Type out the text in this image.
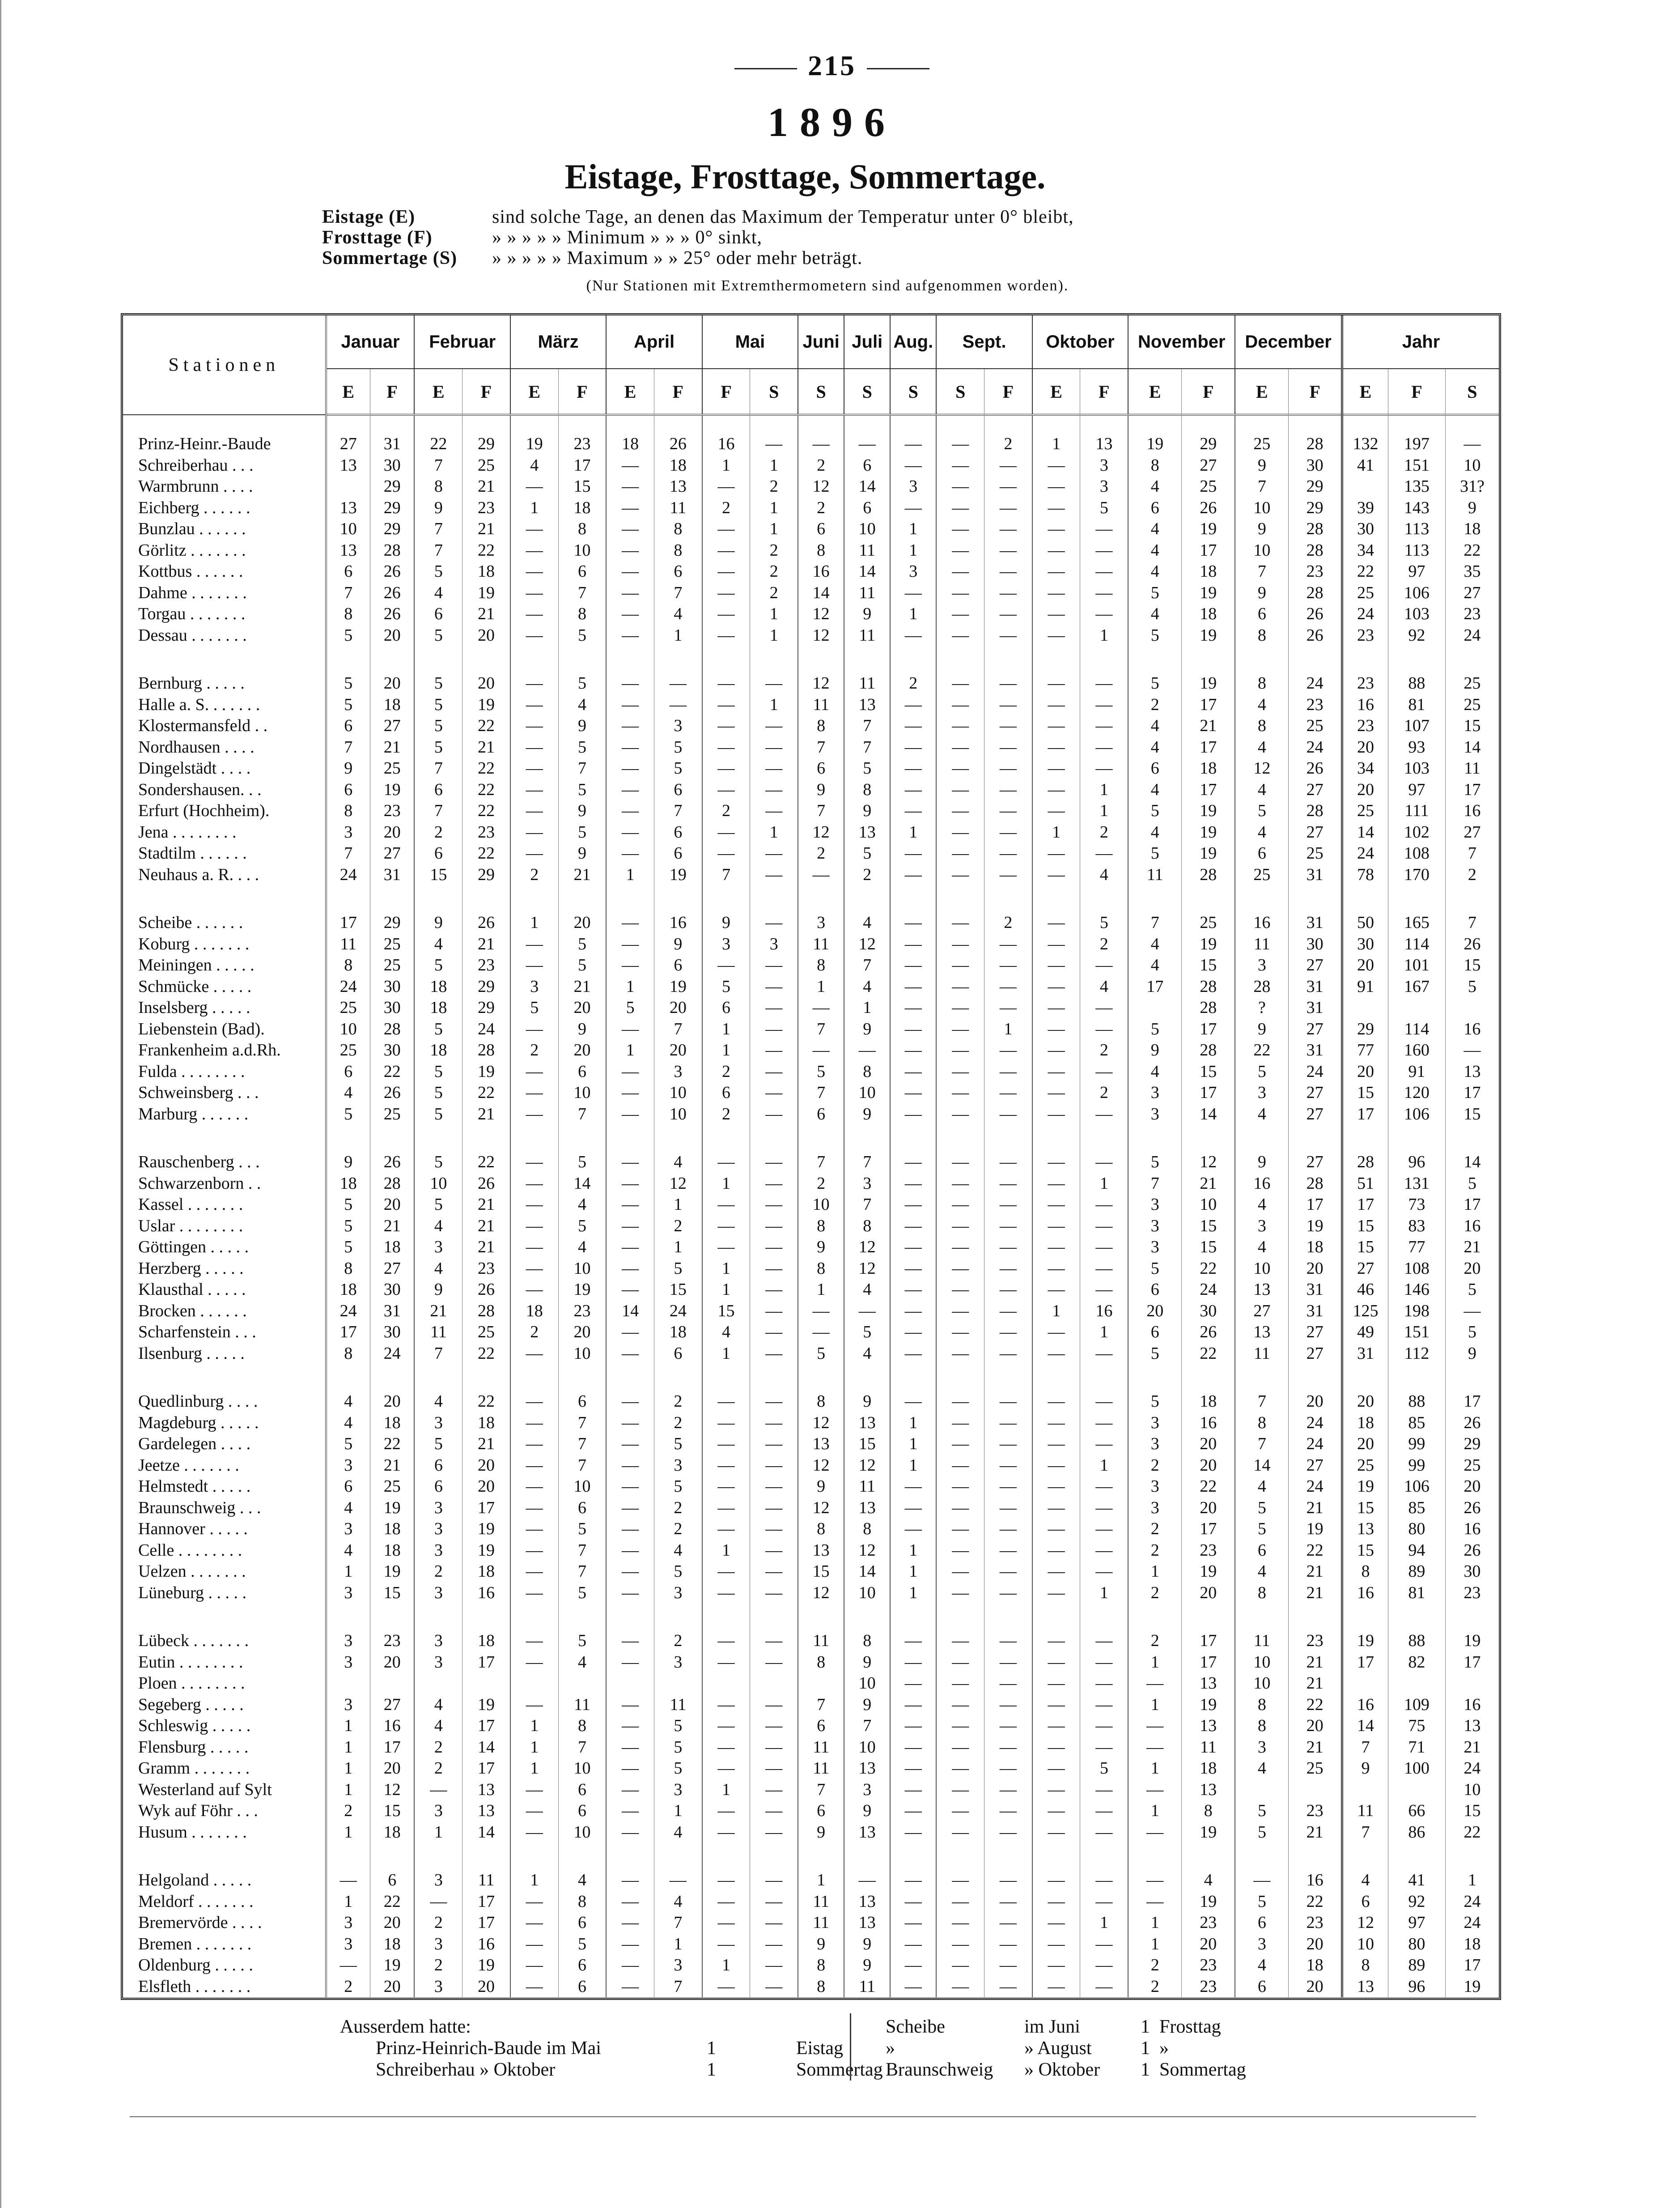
215
1896
Eistage, Frosttage, Sommertage.
Eistage (E)	sind solche Tage, an denen das Maximum der Temperatur unter 0° bleibt,
Frosttage (F)	» » » » » Minimum » » » 0° sinkt,
Sommertage (S)	» » » » » Maximum » » 25° oder mehr beträgt.
(Nur Stationen mit Extremthermometern sind aufgenommen worden).
Stationen	Januar		Februar		März		April		Mai		Juni	Juli	Aug.	Sept.		Oktober		November		December		Jahr		
	E	F	E	F	E	F	E	F	F	S	S	S	S	S	F	E	F	E	F	E	F	E	F	S
Prinz-Heinr.-Baude	27	31	22	29	19	23	18	26	16	—	—	—	—	—	2	1	13	19	29	25	28	132	197	—
Schreiberhau . . .	13	30	7	25	4	17	—	18	1	1	2	6	—	—	—	—	3	8	27	9	30	41	151	10
Warmbrunn . . . .		29	8	21	—	15	—	13	—	2	12	14	3	—	—	—	3	4	25	7	29		135	31?
Eichberg . . . . . .	13	29	9	23	1	18	—	11	2	1	2	6	—	—	—	—	5	6	26	10	29	39	143	9
Bunzlau . . . . . .	10	29	7	21	—	8	—	8	—	1	6	10	1	—	—	—	—	4	19	9	28	30	113	18
Görlitz . . . . . . .	13	28	7	22	—	10	—	8	—	2	8	11	1	—	—	—	—	4	17	10	28	34	113	22
Kottbus . . . . . .	6	26	5	18	—	6	—	6	—	2	16	14	3	—	—	—	—	4	18	7	23	22	97	35
Dahme . . . . . . .	7	26	4	19	—	7	—	7	—	2	14	11	—	—	—	—	—	5	19	9	28	25	106	27
Torgau . . . . . . .	8	26	6	21	—	8	—	4	—	1	12	9	1	—	—	—	—	4	18	6	26	24	103	23
Dessau . . . . . . .	5	20	5	20	—	5	—	1	—	1	12	11	—	—	—	—	1	5	19	8	26	23	92	24

Bernburg . . . . .	5	20	5	20	—	5	—	—	—	—	12	11	2	—	—	—	—	5	19	8	24	23	88	25
Halle a. S. . . . . . .	5	18	5	19	—	4	—	—	—	1	11	13	—	—	—	—	—	2	17	4	23	16	81	25
Klostermansfeld . .	6	27	5	22	—	9	—	3	—	—	8	7	—	—	—	—	—	4	21	8	25	23	107	15
Nordhausen . . . .	7	21	5	21	—	5	—	5	—	—	7	7	—	—	—	—	—	4	17	4	24	20	93	14
Dingelstädt . . . .	9	25	7	22	—	7	—	5	—	—	6	5	—	—	—	—	—	6	18	12	26	34	103	11
Sondershausen. . .	6	19	6	22	—	5	—	6	—	—	9	8	—	—	—	—	1	4	17	4	27	20	97	17
Erfurt (Hochheim).	8	23	7	22	—	9	—	7	2	—	7	9	—	—	—	—	1	5	19	5	28	25	111	16
Jena . . . . . . . .	3	20	2	23	—	5	—	6	—	1	12	13	1	—	—	1	2	4	19	4	27	14	102	27
Stadtilm . . . . . .	7	27	6	22	—	9	—	6	—	—	2	5	—	—	—	—	—	5	19	6	25	24	108	7
Neuhaus a. R. . . .	24	31	15	29	2	21	1	19	7	—	—	2	—	—	—	—	4	11	28	25	31	78	170	2

Scheibe . . . . . .	17	29	9	26	1	20	—	16	9	—	3	4	—	—	2	—	5	7	25	16	31	50	165	7
Koburg . . . . . . .	11	25	4	21	—	5	—	9	3	3	11	12	—	—	—	—	2	4	19	11	30	30	114	26
Meiningen . . . . .	8	25	5	23	—	5	—	6	—	—	8	7	—	—	—	—	—	4	15	3	27	20	101	15
Schmücke . . . . .	24	30	18	29	3	21	1	19	5	—	1	4	—	—	—	—	4	17	28	28	31	91	167	5
Inselsberg . . . . .	25	30	18	29	5	20	5	20	6	—	—	1	—	—	—	—	—		28	?	31			
Liebenstein (Bad).	10	28	5	24	—	9	—	7	1	—	7	9	—	—	1	—	—	5	17	9	27	29	114	16
Frankenheim a.d.Rh.	25	30	18	28	2	20	1	20	1	—	—	—	—	—	—	—	2	9	28	22	31	77	160	—
Fulda . . . . . . . .	6	22	5	19	—	6	—	3	2	—	5	8	—	—	—	—	—	4	15	5	24	20	91	13
Schweinsberg . . .	4	26	5	22	—	10	—	10	6	—	7	10	—	—	—	—	2	3	17	3	27	15	120	17
Marburg . . . . . .	5	25	5	21	—	7	—	10	2	—	6	9	—	—	—	—	—	3	14	4	27	17	106	15

Rauschenberg . . .	9	26	5	22	—	5	—	4	—	—	7	7	—	—	—	—	—	5	12	9	27	28	96	14
Schwarzenborn . .	18	28	10	26	—	14	—	12	1	—	2	3	—	—	—	—	1	7	21	16	28	51	131	5
Kassel . . . . . . .	5	20	5	21	—	4	—	1	—	—	10	7	—	—	—	—	—	3	10	4	17	17	73	17
Uslar . . . . . . . .	5	21	4	21	—	5	—	2	—	—	8	8	—	—	—	—	—	3	15	3	19	15	83	16
Göttingen . . . . .	5	18	3	21	—	4	—	1	—	—	9	12	—	—	—	—	—	3	15	4	18	15	77	21
Herzberg . . . . .	8	27	4	23	—	10	—	5	1	—	8	12	—	—	—	—	—	5	22	10	20	27	108	20
Klausthal . . . . .	18	30	9	26	—	19	—	15	1	—	1	4	—	—	—	—	—	6	24	13	31	46	146	5
Brocken . . . . . .	24	31	21	28	18	23	14	24	15	—	—	—	—	—	—	1	16	20	30	27	31	125	198	—
Scharfenstein . . .	17	30	11	25	2	20	—	18	4	—	—	5	—	—	—	—	1	6	26	13	27	49	151	5
Ilsenburg . . . . .	8	24	7	22	—	10	—	6	1	—	5	4	—	—	—	—	—	5	22	11	27	31	112	9

Quedlinburg . . . .	4	20	4	22	—	6	—	2	—	—	8	9	—	—	—	—	—	5	18	7	20	20	88	17
Magdeburg . . . . .	4	18	3	18	—	7	—	2	—	—	12	13	1	—	—	—	—	3	16	8	24	18	85	26
Gardelegen . . . .	5	22	5	21	—	7	—	5	—	—	13	15	1	—	—	—	—	3	20	7	24	20	99	29
Jeetze . . . . . . .	3	21	6	20	—	7	—	3	—	—	12	12	1	—	—	—	1	2	20	14	27	25	99	25
Helmstedt . . . . .	6	25	6	20	—	10	—	5	—	—	9	11	—	—	—	—	—	3	22	4	24	19	106	20
Braunschweig . . .	4	19	3	17	—	6	—	2	—	—	12	13	—	—	—	—	—	3	20	5	21	15	85	26
Hannover . . . . .	3	18	3	19	—	5	—	2	—	—	8	8	—	—	—	—	—	2	17	5	19	13	80	16
Celle . . . . . . . .	4	18	3	19	—	7	—	4	1	—	13	12	1	—	—	—	—	2	23	6	22	15	94	26
Uelzen . . . . . . .	1	19	2	18	—	7	—	5	—	—	15	14	1	—	—	—	—	1	19	4	21	8	89	30
Lüneburg . . . . .	3	15	3	16	—	5	—	3	—	—	12	10	1	—	—	—	1	2	20	8	21	16	81	23

Lübeck . . . . . . .	3	23	3	18	—	5	—	2	—	—	11	8	—	—	—	—	—	2	17	11	23	19	88	19
Eutin . . . . . . . .	3	20	3	17	—	4	—	3	—	—	8	9	—	—	—	—	—	1	17	10	21	17	82	17
Ploen . . . . . . . .												10	—	—	—	—	—	—	13	10	21			
Segeberg . . . . .	3	27	4	19	—	11	—	11	—	—	7	9	—	—	—	—	—	1	19	8	22	16	109	16
Schleswig . . . . .	1	16	4	17	1	8	—	5	—	—	6	7	—	—	—	—	—	—	13	8	20	14	75	13
Flensburg . . . . .	1	17	2	14	1	7	—	5	—	—	11	10	—	—	—	—	—	—	11	3	21	7	71	21
Gramm . . . . . . .	1	20	2	17	1	10	—	5	—	—	11	13	—	—	—	—	5	1	18	4	25	9	100	24
Westerland auf Sylt	1	12	—	13	—	6	—	3	1	—	7	3	—	—	—	—	—	—	13					10
Wyk auf Föhr . . .	2	15	3	13	—	6	—	1	—	—	6	9	—	—	—	—	—	1	8	5	23	11	66	15
Husum . . . . . . .	1	18	1	14	—	10	—	4	—	—	9	13	—	—	—	—	—	—	19	5	21	7	86	22

Helgoland . . . . .	—	6	3	11	1	4	—	—	—	—	1	—	—	—	—	—	—	—	4	—	16	4	41	1
Meldorf . . . . . . .	1	22	—	17	—	8	—	4	—	—	11	13	—	—	—	—	—	—	19	5	22	6	92	24
Bremervörde . . . .	3	20	2	17	—	6	—	7	—	—	11	13	—	—	—	—	1	1	23	6	23	12	97	24
Bremen . . . . . . .	3	18	3	16	—	5	—	1	—	—	9	9	—	—	—	—	—	1	20	3	20	10	80	18
Oldenburg . . . . .	—	19	2	19	—	6	—	3	1	—	8	9	—	—	—	—	—	2	23	4	18	8	89	17
Elsfleth . . . . . . .	2	20	3	20	—	6	—	7	—	—	8	11	—	—	—	—	—	2	23	6	20	13	96	19
Ausserdem hatte:
Prinz-Heinrich-Baude im Mai	1	Eistag
Schreiberhau » Oktober	1	Sommertag
Scheibe	im Juni	1 Frosttag
»	» August	1 »
Braunschweig » Oktober 1 Sommertag
